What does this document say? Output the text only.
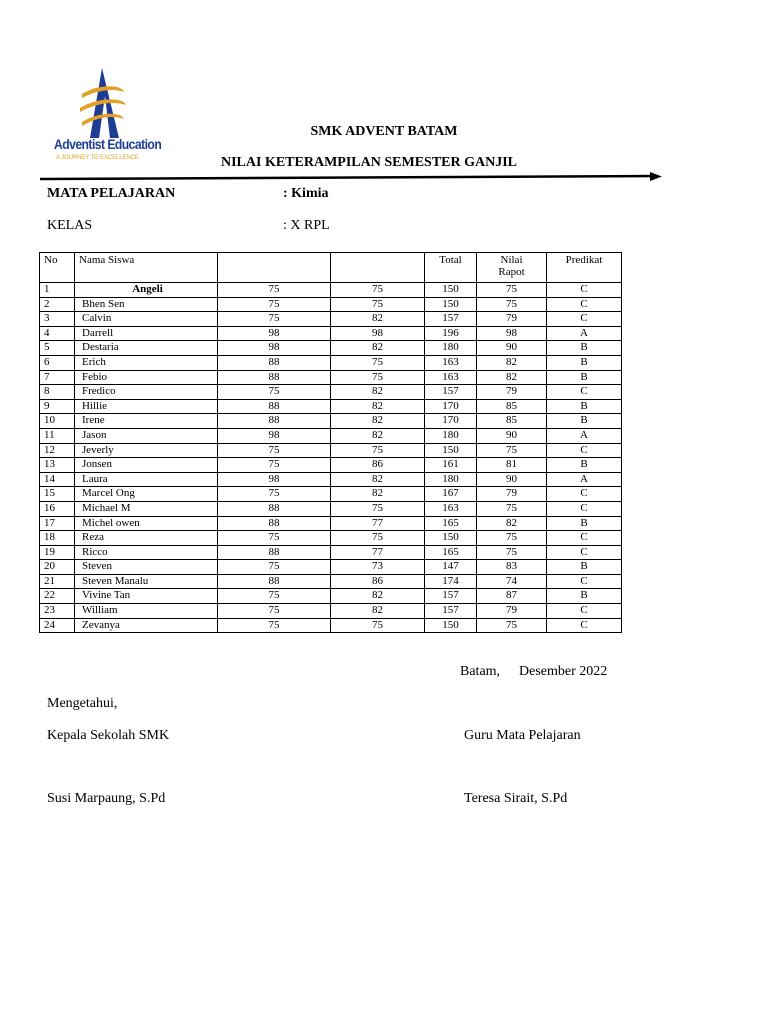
Adventist Education
A JOURNEY TO EXCELLENCE
SMK ADVENT BATAM
NILAI KETERAMPILAN SEMESTER GANJIL
MATA PELAJARAN	: Kimia
KELAS	: X RPL
No	Nama Siswa			Total	Nilai Rapot	Predikat
1	Angeli	75	75	150	75	C
2	Bhen Sen	75	75	150	75	C
3	Calvin	75	82	157	79	C
4	Darrell	98	98	196	98	A
5	Destaria	98	82	180	90	B
6	Erich	88	75	163	82	B
7	Febio	88	75	163	82	B
8	Fredico	75	82	157	79	C
9	Hillie	88	82	170	85	B
10	Irene	88	82	170	85	B
11	Jason	98	82	180	90	A
12	Jeverly	75	75	150	75	C
13	Jonsen	75	86	161	81	B
14	Laura	98	82	180	90	A
15	Marcel Ong	75	82	167	79	C
16	Michael M	88	75	163	75	C
17	Michel owen	88	77	165	82	B
18	Reza	75	75	150	75	C
19	Ricco	88	77	165	75	C
20	Steven	75	73	147	83	B
21	Steven Manalu	88	86	174	74	C
22	Vivine Tan	75	82	157	87	B
23	William	75	82	157	79	C
24	Zevanya	75	75	150	75	C
Batam, Desember 2022
Mengetahui,
Kepala Sekolah SMK	Guru Mata Pelajaran
Susi Marpaung, S.Pd	Teresa Sirait, S.Pd
